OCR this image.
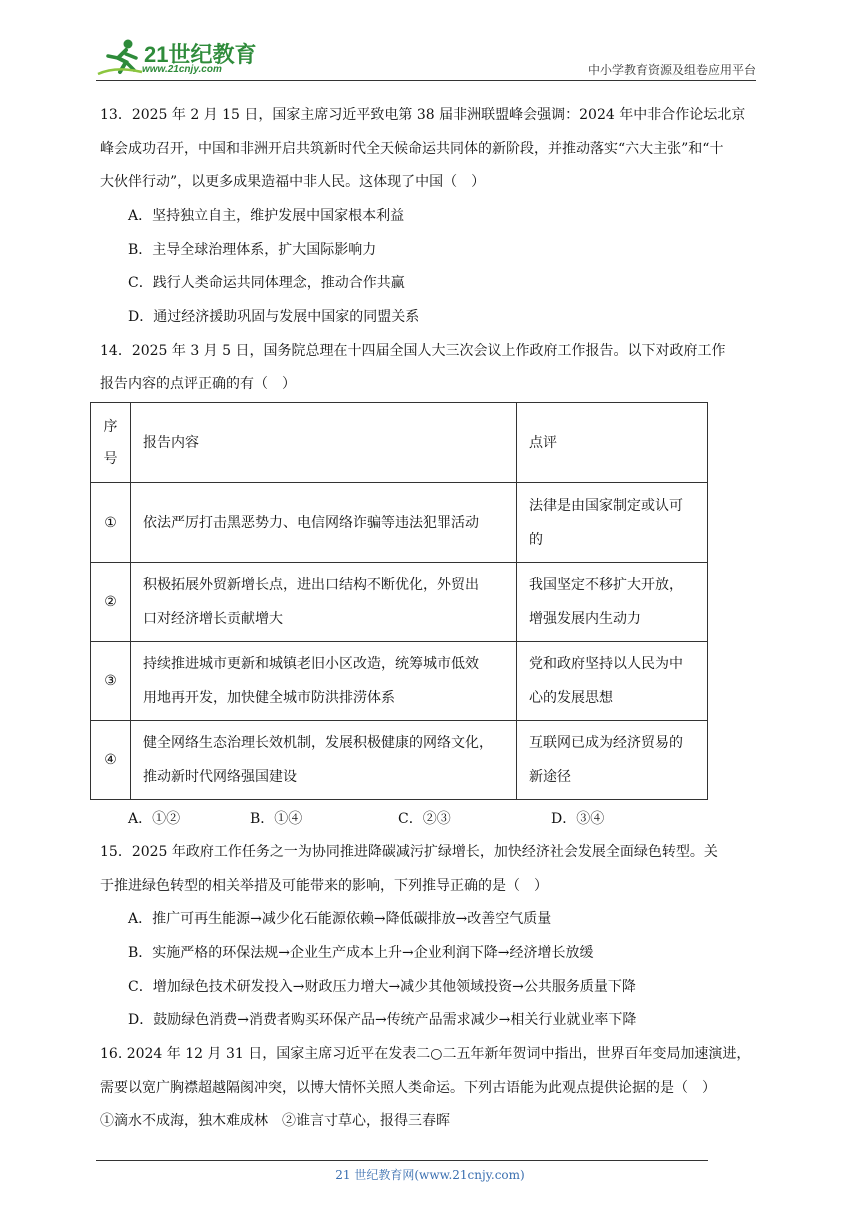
21世纪教育
www.21cnjy.com	中小学教育资源及组卷应用平台
13．2025 年 2 月 15 日，国家主席习近平致电第 38 届非洲联盟峰会强调：2024 年中非合作论坛北京
峰会成功召开，中国和非洲开启共筑新时代全天候命运共同体的新阶段，并推动落实“六大主张”和“十
大伙伴行动”，以更多成果造福中非人民。这体现了中国（　）
A．坚持独立自主，维护发展中国家根本利益
B．主导全球治理体系，扩大国际影响力
C．践行人类命运共同体理念，推动合作共赢
D．通过经济援助巩固与发展中国家的同盟关系
14．2025 年 3 月 5 日，国务院总理在十四届全国人大三次会议上作政府工作报告。以下对政府工作
报告内容的点评正确的有（　）
序
号	报告内容	点评
①	依法严厉打击黑恶势力、电信网络诈骗等违法犯罪活动	法律是由国家制定或认可
的
②	积极拓展外贸新增长点，进出口结构不断优化，外贸出
口对经济增长贡献增大	我国坚定不移扩大开放，
增强发展内生动力
③	持续推进城市更新和城镇老旧小区改造，统筹城市低效
用地再开发，加快健全城市防洪排涝体系	党和政府坚持以人民为中
心的发展思想
④	健全网络生态治理长效机制，发展积极健康的网络文化，
推动新时代网络强国建设	互联网已成为经济贸易的
新途径
A．①②	B．①④	C．②③	D．③④
15．2025 年政府工作任务之一为协同推进降碳减污扩绿增长，加快经济社会发展全面绿色转型。关
于推进绿色转型的相关举措及可能带来的影响，下列推导正确的是（　）
A．推广可再生能源→减少化石能源依赖→降低碳排放→改善空气质量
B．实施严格的环保法规→企业生产成本上升→企业利润下降→经济增长放缓
C．增加绿色技术研发投入→财政压力增大→减少其他领域投资→公共服务质量下降
D．鼓励绿色消费→消费者购买环保产品→传统产品需求减少→相关行业就业率下降
16. 2024 年 12 月 31 日，国家主席习近平在发表二○二五年新年贺词中指出，世界百年变局加速演进，
需要以宽广胸襟超越隔阂冲突，以博大情怀关照人类命运。下列古语能为此观点提供论据的是（　）
①滴水不成海，独木难成林　②谁言寸草心，报得三春晖
21 世纪教育网(www.21cnjy.com)
